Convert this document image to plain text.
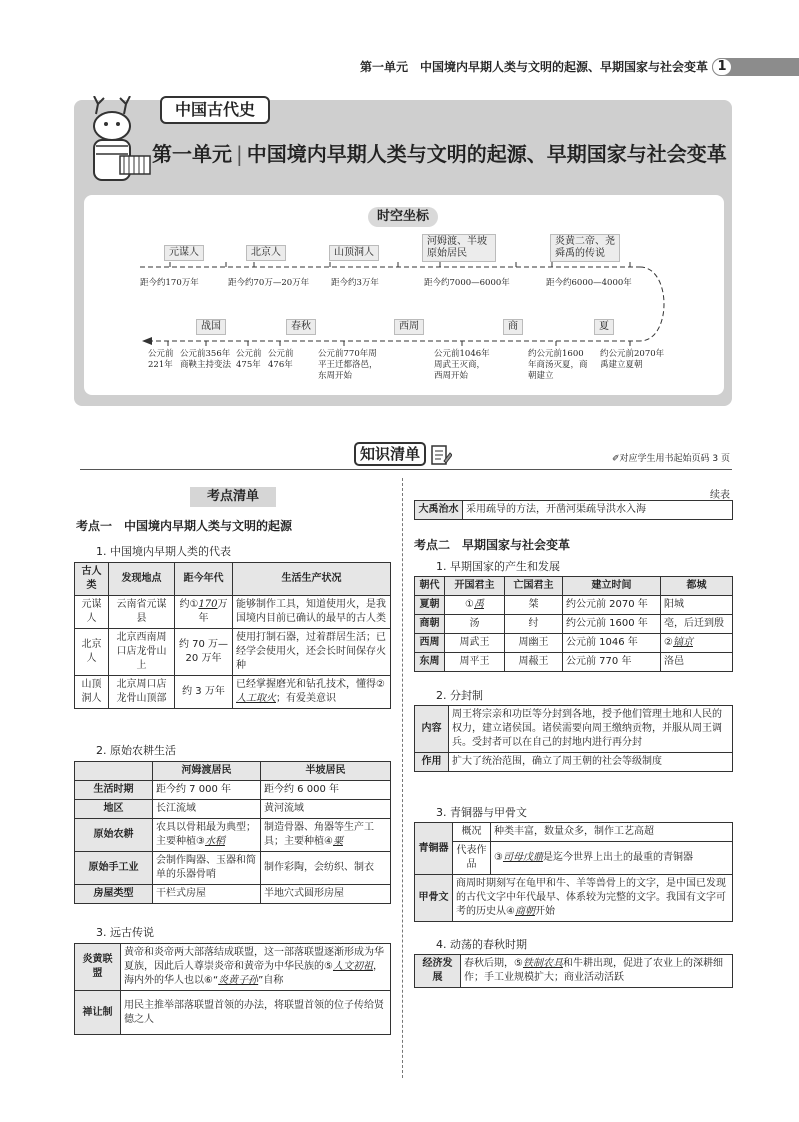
第一单元　中国境内早期人类与文明的起源、早期国家与社会变革 1
中国古代史
第一单元 | 中国境内早期人类与文明的起源、早期国家与社会变革
时空坐标
元谋人	北京人	山顶洞人
河姆渡、半坡原始居民
炎黄二帝、尧舜禹的传说
距今约170万年	距今约70万—20万年	距今约3万年	距今约7000—6000年	距今约6000—4000年
战国	春秋	西周	商	夏
公元前221年
公元前356年商鞅主持变法
公元前475年
公元前476年
公元前770年周平王迁都洛邑，东周开始
公元前1046年周武王灭商，西周开始
约公元前1600年商汤灭夏，商朝建立
约公元前2070年禹建立夏朝
知识清单	✐对应学生用书起始页码 3 页
考点清单
考点一　中国境内早期人类与文明的起源
1. 中国境内早期人类的代表
古人类	发现地点	距今年代	生活生产状况
元谋人	云南省元谋县	约①170万年	能够制作工具，知道使用火，是我国境内目前已确认的最早的古人类
北京人	北京西南周口店龙骨山上	约 70 万—20 万年	使用打制石器，过着群居生活；已经学会使用火，还会长时间保存火种
山顶洞人	北京周口店龙骨山顶部	约 3 万年	已经掌握磨光和钻孔技术，懂得②人工取火；有爱美意识
2. 原始农耕生活
	河姆渡居民	半坡居民
生活时期	距今约 7 000 年	距今约 6 000 年
地区	长江流域	黄河流域
原始农耕	农具以骨耜最为典型；主要种植③水稻	制造骨器、角器等生产工具；主要种植④粟
原始手工业	会制作陶器、玉器和简单的乐器骨哨	制作彩陶，会纺织、制衣
房屋类型	干栏式房屋	半地穴式圆形房屋
3. 远古传说
炎黄联盟	黄帝和炎帝两大部落结成联盟，这一部落联盟逐渐形成为华夏族，因此后人尊崇炎帝和黄帝为中华民族的⑤人文初祖，海内外的华人也以⑥“炎黄子孙”自称
禅让制	用民主推举部落联盟首领的办法，将联盟首领的位子传给贤德之人
续表
大禹治水	采用疏导的方法，开凿河渠疏导洪水入海
考点二　早期国家与社会变革
1. 早期国家的产生和发展
朝代	开国君主	亡国君主	建立时间	都城
夏朝	①禹	桀	约公元前 2070 年	阳城
商朝	汤	纣	约公元前 1600 年	亳，后迁到殷
西周	周武王	周幽王	公元前 1046 年	②镐京
东周	周平王	周赧王	公元前 770 年	洛邑
2. 分封制
内容	周王将宗亲和功臣等分封到各地，授予他们管理土地和人民的权力，建立诸侯国。诸侯需要向周王缴纳贡物，并服从周王调兵。受封者可以在自己的封地内进行再分封
作用	扩大了统治范围，确立了周王朝的社会等级制度
3. 青铜器与甲骨文
青铜器	概况	种类丰富，数量众多，制作工艺高超
	代表作品	③司母戊鼎是迄今世界上出土的最重的青铜器
甲骨文	商周时期刻写在龟甲和牛、羊等兽骨上的文字，是中国已发现的古代文字中年代最早、体系较为完整的文字。我国有文字可考的历史从④商朝开始	
4. 动荡的春秋时期
经济发展	春秋后期，⑤铁制农具和牛耕出现，促进了农业上的深耕细作；手工业规模扩大；商业活动活跃
